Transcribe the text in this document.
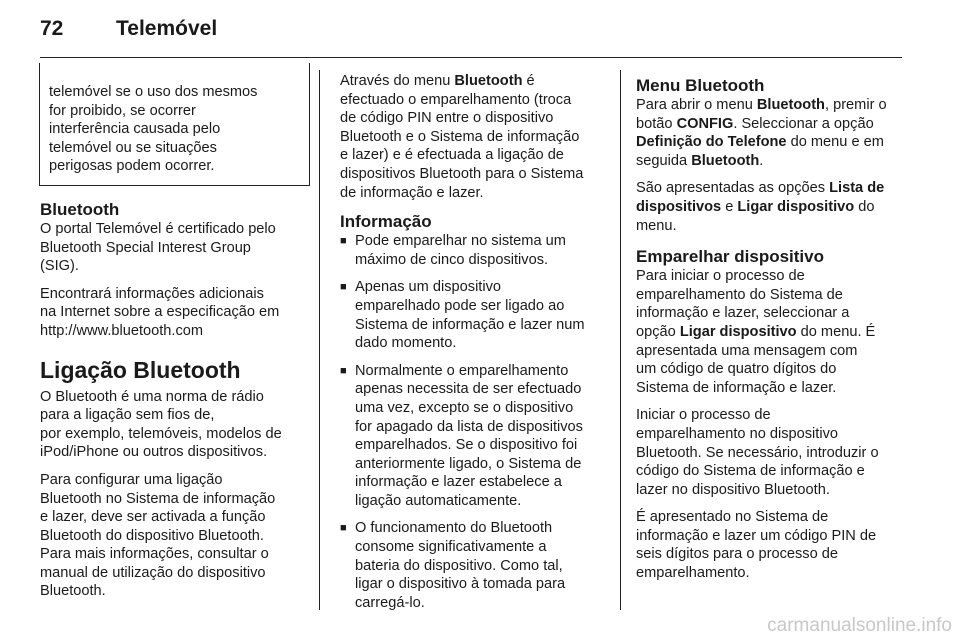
72	Telemóvel
telemóvel se o uso dos mesmos
for proibido, se ocorrer
interferência causada pelo
telemóvel ou se situações
perigosas podem ocorrer.
Bluetooth

O portal Telemóvel é certificado pelo
Bluetooth Special Interest Group
(SIG).

Encontrará informações adicionais
na Internet sobre a especificação em
http://www.bluetooth.com

Ligação Bluetooth

O Bluetooth é uma norma de rádio
para a ligação sem fios de,
por exemplo, telemóveis, modelos de
iPod/iPhone ou outros dispositivos.

Para configurar uma ligação
Bluetooth no Sistema de informação
e lazer, deve ser activada a função
Bluetooth do dispositivo Bluetooth.
Para mais informações, consultar o
manual de utilização do dispositivo
Bluetooth.

Através do menu Bluetooth é
efectuado o emparelhamento (troca
de código PIN entre o dispositivo
Bluetooth e o Sistema de informação
e lazer) e é efectuada a ligação de
dispositivos Bluetooth para o Sistema
de informação e lazer.

Informação
■ Pode emparelhar no sistema um
máximo de cinco dispositivos.
■ Apenas um dispositivo
emparelhado pode ser ligado ao
Sistema de informação e lazer num
dado momento.
■ Normalmente o emparelhamento
apenas necessita de ser efectuado
uma vez, excepto se o dispositivo
for apagado da lista de dispositivos
emparelhados. Se o dispositivo foi
anteriormente ligado, o Sistema de
informação e lazer estabelece a
ligação automaticamente.
■ O funcionamento do Bluetooth
consome significativamente a
bateria do dispositivo. Como tal,
ligar o dispositivo à tomada para
carregá-lo.
Menu Bluetooth

Para abrir o menu Bluetooth, premir o
botão CONFIG. Seleccionar a opção
Definição do Telefone do menu e em
seguida Bluetooth.

São apresentadas as opções Lista de
dispositivos e Ligar dispositivo do
menu.

Emparelhar dispositivo

Para iniciar o processo de
emparelhamento do Sistema de
informação e lazer, seleccionar a
opção Ligar dispositivo do menu. É
apresentada uma mensagem com
um código de quatro dígitos do
Sistema de informação e lazer.

Iniciar o processo de
emparelhamento no dispositivo
Bluetooth. Se necessário, introduzir o
código do Sistema de informação e
lazer no dispositivo Bluetooth.

É apresentado no Sistema de
informação e lazer um código PIN de
seis dígitos para o processo de
emparelhamento.

carmanualsonline.info
